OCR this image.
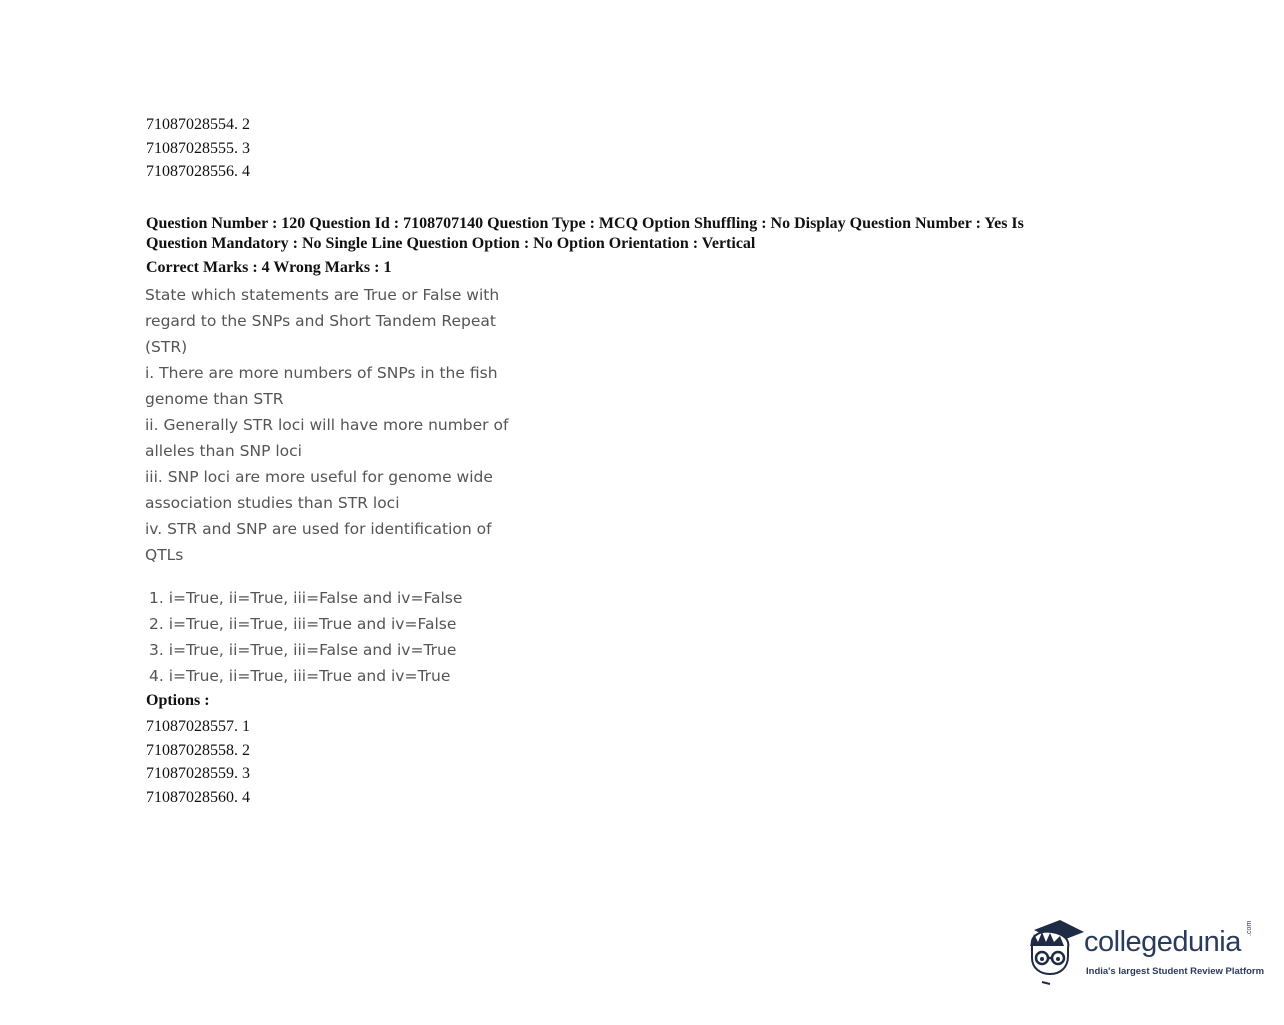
71087028554. 2
71087028555. 3
71087028556. 4
Question Number : 120 Question Id : 7108707140 Question Type : MCQ Option Shuffling : No Display Question Number : Yes Is
Question Mandatory : No Single Line Question Option : No Option Orientation : Vertical
Correct Marks : 4 Wrong Marks : 1
State which statements are True or False with
regard to the SNPs and Short Tandem Repeat
(STR)
i. There are more numbers of SNPs in the fish
genome than STR
ii. Generally STR loci will have more number of
alleles than SNP loci
iii. SNP loci are more useful for genome wide
association studies than STR loci
iv. STR and SNP are used for identification of
QTLs
1. i=True, ii=True, iii=False and iv=False
2. i=True, ii=True, iii=True and iv=False
3. i=True, ii=True, iii=False and iv=True
4. i=True, ii=True, iii=True and iv=True
Options :
71087028557. 1
71087028558. 2
71087028559. 3
71087028560. 4
collegedunia .com
India's largest Student Review Platform
